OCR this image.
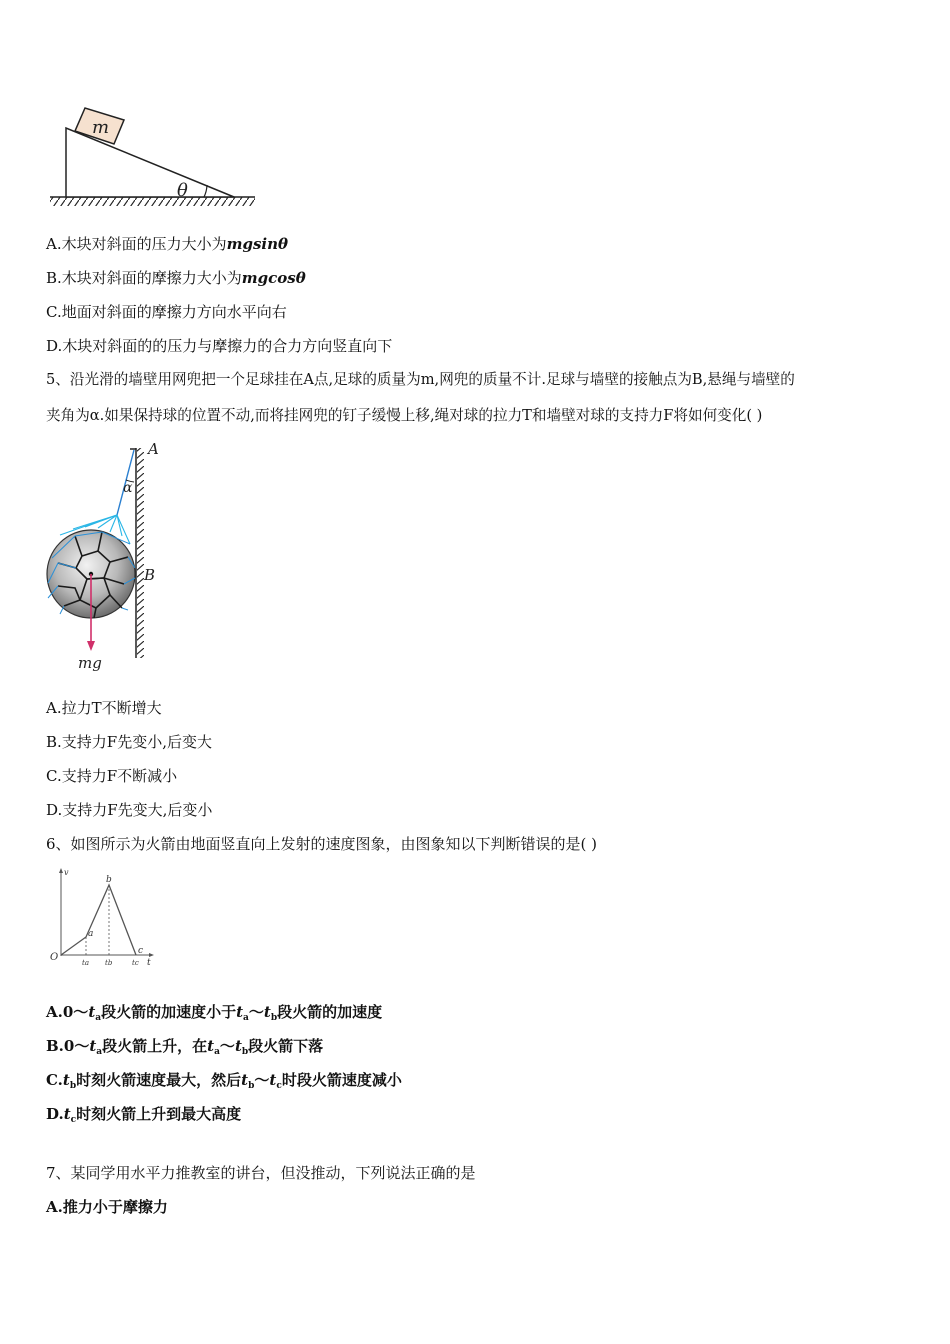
m
θ
A.木块对斜面的压力大小为mgsinθ
B.木块对斜面的摩擦力大小为mgcosθ
C.地面对斜面的摩擦力方向水平向右
D.木块对斜面的的压力与摩擦力的合力方向竖直向下
5、沿光滑的墙壁用网兜把一个足球挂在A点,足球的质量为m,网兜的质量不计.足球与墙壁的接触点为B,悬绳与墙壁的
夹角为α.如果保持球的位置不动,而将挂网兜的钉子缓慢上移,绳对球的拉力T和墙壁对球的支持力F将如何变化( )
A
α
B
mg
A.拉力T不断增大
B.支持力F先变小,后变大
C.支持力F不断减小
D.支持力F先变大,后变小
6、如图所示为火箭由地面竖直向上发射的速度图象，由图象知以下判断错误的是( )
v
t
O
a
b
c
ta tb	tc
$A.0\sim t_a$段火箭的加速度小于$t_a\sim t_b$段火箭的加速度
$B.0\sim t_a$段火箭上升，在$t_a\sim t_b$段火箭下落
$C.t_b$时刻火箭速度最大，然后$t_b\sim t_c$时段火箭速度减小
$D.t_c$时刻火箭上升到最大高度
7、某同学用水平力推教室的讲台，但没推动，下列说法正确的是
A.推力小于摩擦力
